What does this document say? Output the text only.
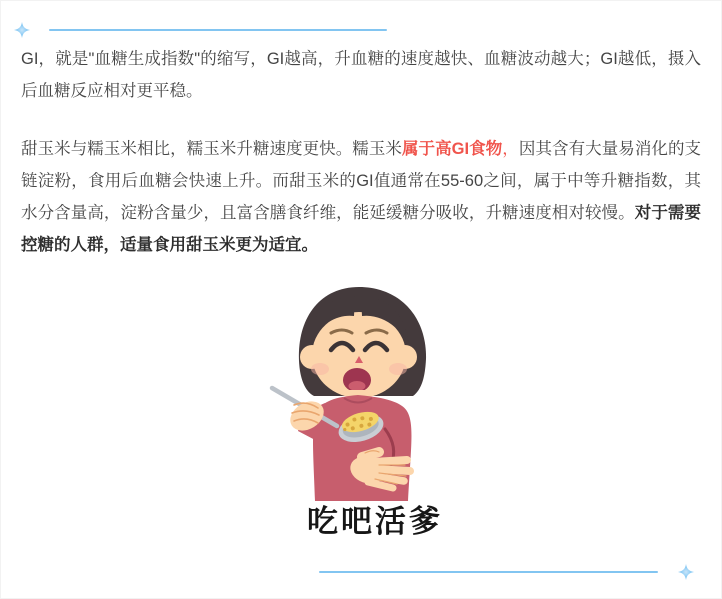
GI，就是"血糖生成指数"的缩写，GI越高，升血糖的速度越快、血糖波动越大；GI越低，摄入后血糖反应相对更平稳。

甜玉米与糯玉米相比，糯玉米升糖速度更快。糯玉米属于高GI食物，因其含有大量易消化的支链淀粉，食用后血糖会快速上升。而甜玉米的GI值通常在55-60之间，属于中等升糖指数，其水分含量高，淀粉含量少，且富含膳食纤维，能延缓糖分吸收，升糖速度相对较慢。对于需要控糖的人群，适量食用甜玉米更为适宜。

吃吧活爹
